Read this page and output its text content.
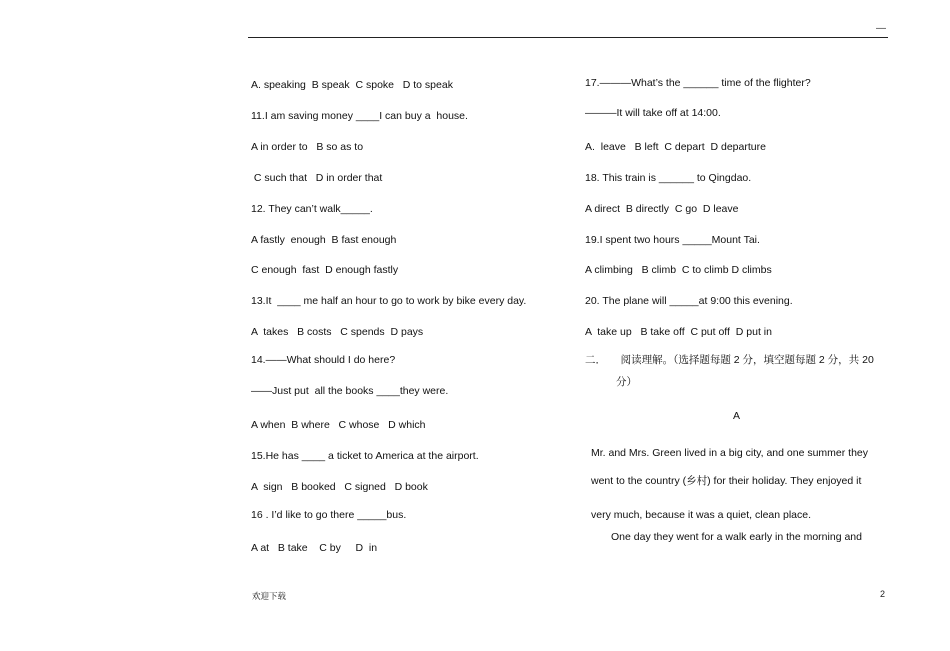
—
A. speaking  B speak  C spoke   D to speak
11.I am saving money ____I can buy a  house.
A in order to   B so as to
C such that   D in order that
12. They can’t walk_____.
A fastly  enough  B fast enough
C enough  fast  D enough fastly
13.It  ____ me half an hour to go to work by bike every day.
A  takes   B costs   C spends  D pays
14.——What should I do here?
——Just put  all the books ____they were.
A when  B where   C whose   D which
15.He has ____ a ticket to America at the airport.
A  sign   B booked   C signed   D book
16 . I’d like to go there _____bus.
A at   B take    C by     D  in
17.———What’s the ______ time of the flighter?
———It will take off at 14:00.
A.  leave   B left  C depart  D departure
18. This train is ______ to Qingdao.
A direct  B directly  C go  D leave
19.I spent two hours _____Mount Tai.
A climbing   B climb  C to climb D climbs
20. The plane will _____at 9:00 this evening.
A  take up   B take off  C put off  D put in
二．     阅读理解。（选择题每题 2 分，填空题每题 2 分，共 20
分）
A
Mr. and Mrs. Green lived in a big city, and one summer they
went to the country (乡村) for their holiday. They enjoyed it
very much, because it was a quiet, clean place.
One day they went for a walk early in the morning and
欢迎下载	2
